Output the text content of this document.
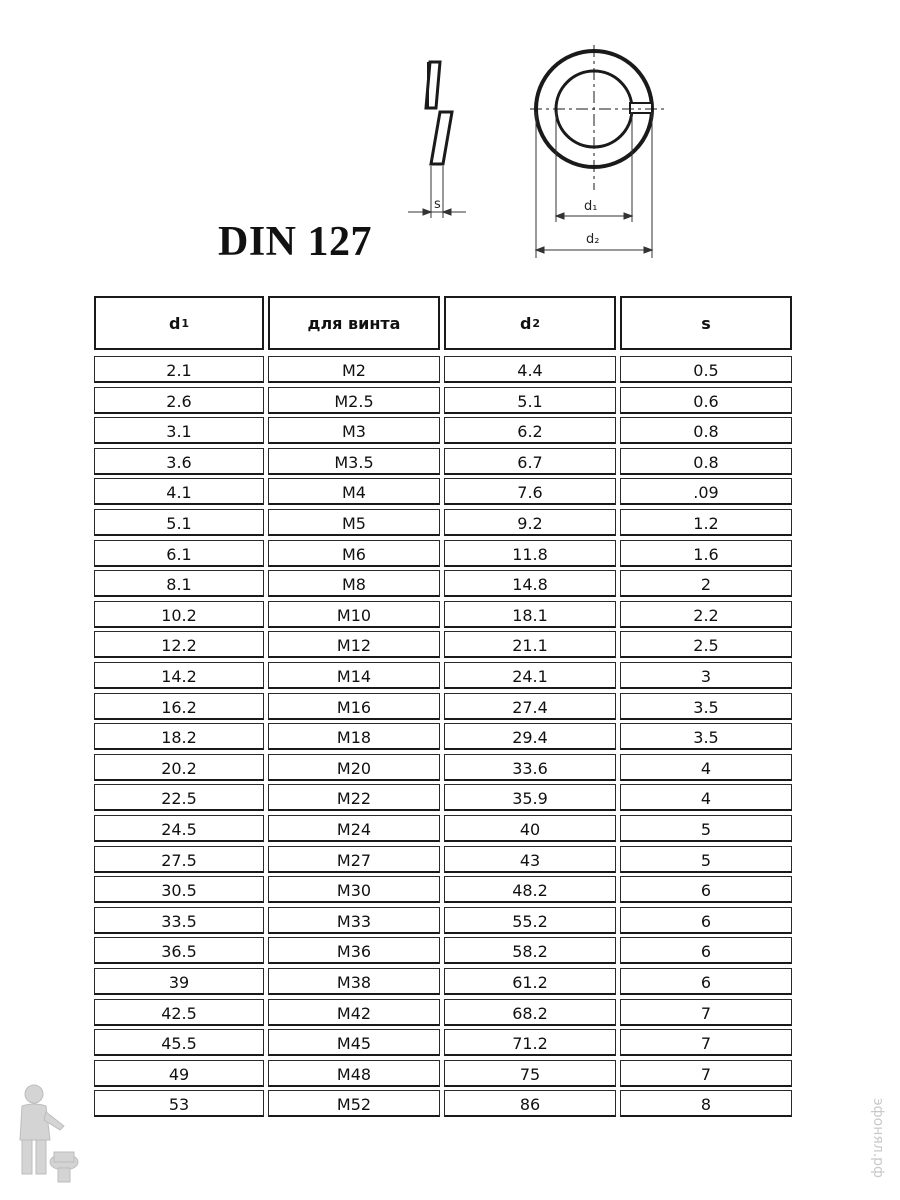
DIN 127
s	d₁
d₂
d 1	для винта	d 2	s
2.1	M2	4.4	0.5
2.6	M2.5	5.1	0.6
3.1	M3	6.2	0.8
3.6	M3.5	6.7	0.8
4.1	M4	7.6	.09
5.1	M5	9.2	1.2
6.1	M6	11.8	1.6
8.1	M8	14.8	2
10.2	M10	18.1	2.2
12.2	M12	21.1	2.5
14.2	M14	24.1	3
16.2	M16	27.4	3.5
18.2	M18	29.4	3.5
20.2	M20	33.6	4
22.5	M22	35.9	4
24.5	M24	40	5
27.5	M27	43	5
30.5	M30	48.2	6
33.5	M33	55.2	6
36.5	M36	58.2	6
39	M38	61.2	6
42.5	M42	68.2	7
45.5	M45	71.2	7
49	M48	75	7
53	M52	86	8	эфонял.рф
